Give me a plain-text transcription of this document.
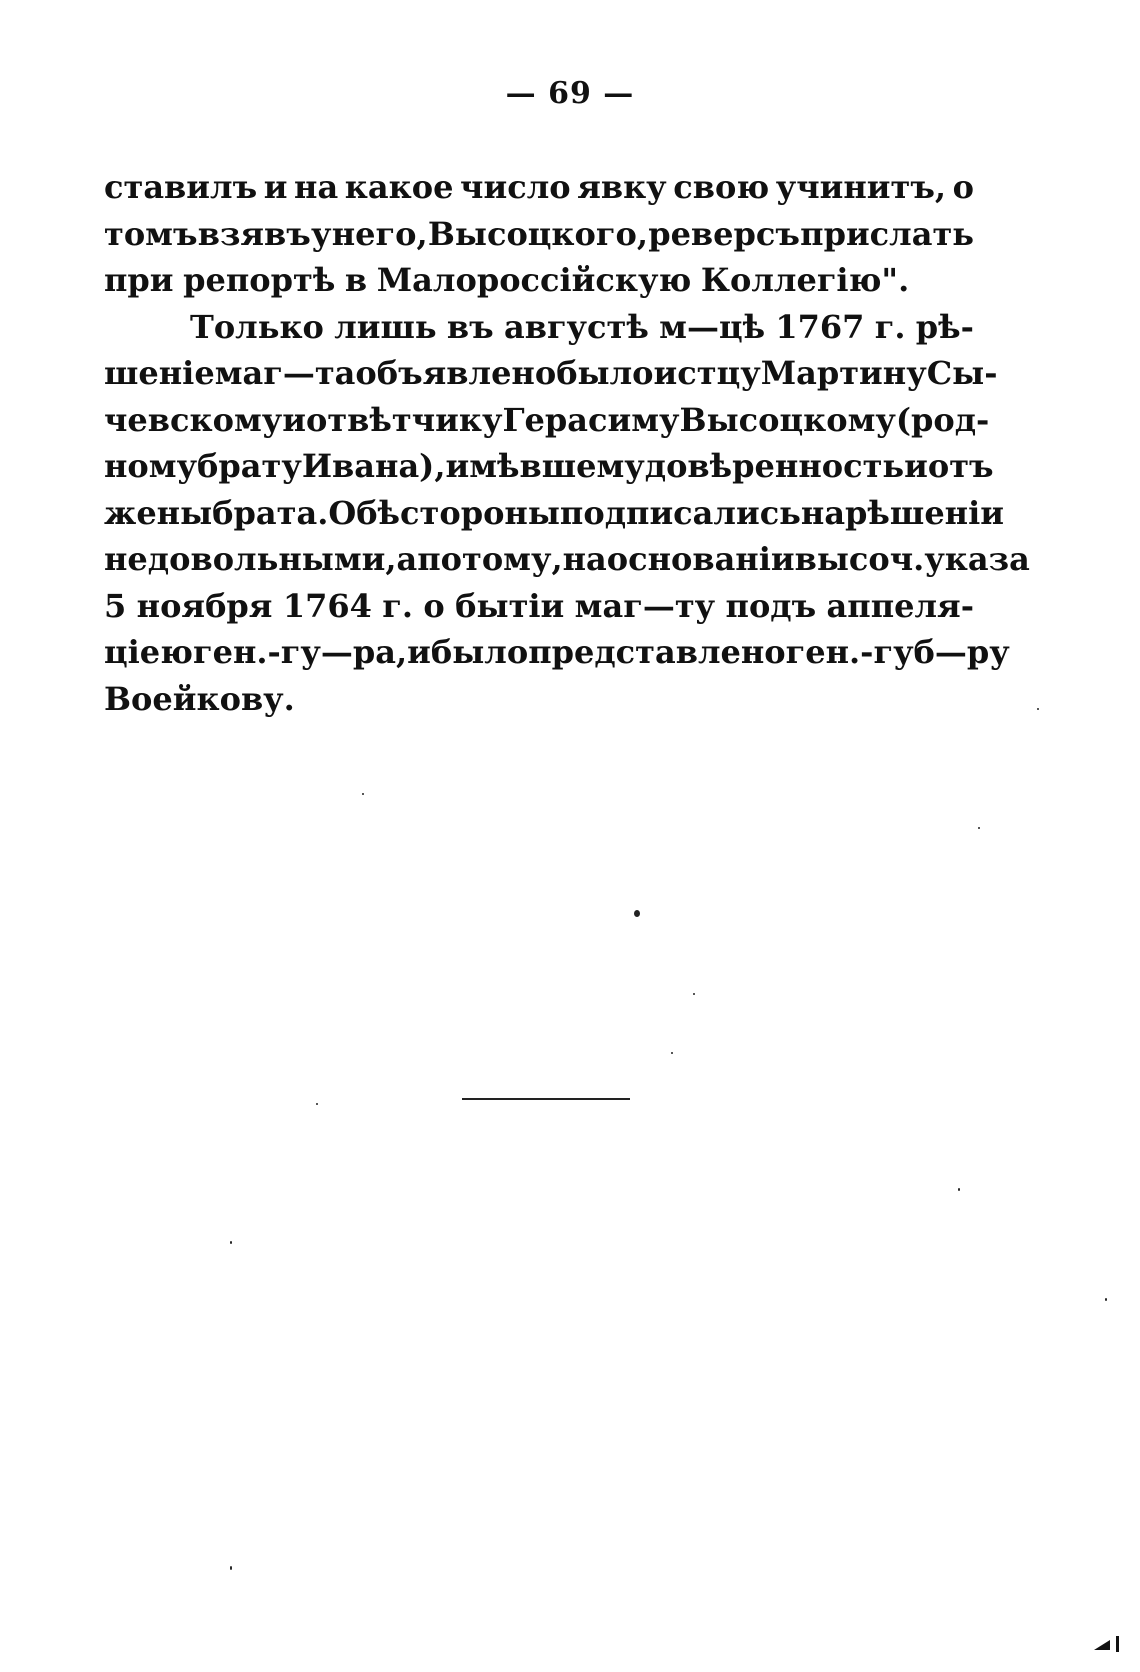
— 69 —
ставилъ и на какое число явку свою учинитъ, о
томъ взявъ у него, Высоцкого, реверсъ прислать
при репортѣ в Малороссійскую Коллегію".
Только лишь въ августѣ м—цѣ 1767 г. рѣ-
шеніе маг—та объявлено было истцу Мартину Сы-
чевскому и отвѣтчику Герасиму Высоцкому (род-
ному брату Ивана), имѣвшему довѣренность и отъ
жены брата. Обѣ стороны подписались на рѣшеніи
недовольными, а потому, на основаніи высоч. указа
5 ноября 1764 г. о бытіи маг—ту подъ аппеля-
ціею ген.-гу—ра, и было представлено ген.-губ—ру
Воейкову.
